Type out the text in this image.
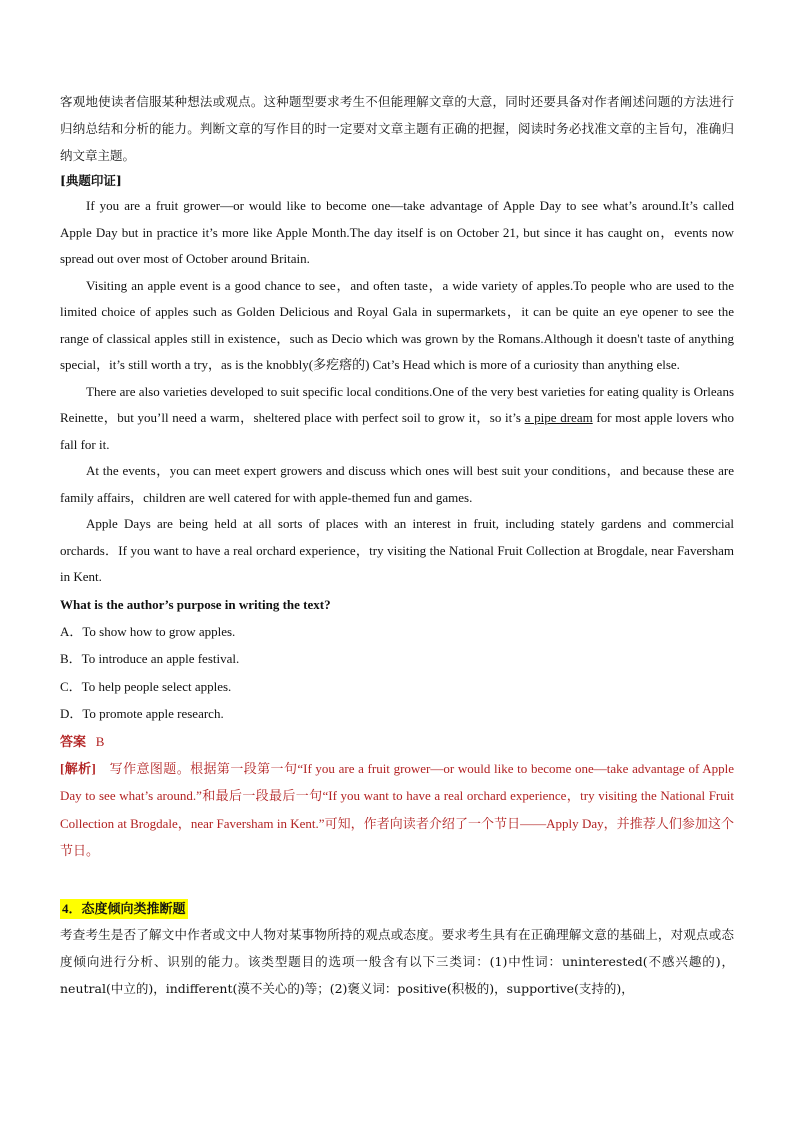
客观地使读者信服某种想法或观点。这种题型要求考生不但能理解文章的大意，同时还要具备对作者阐述问题的方法进行归纳总结和分析的能力。判断文章的写作目的时一定要对文章主题有正确的把握，阅读时务必找准文章的主旨句，准确归纳文章主题。

[典题印证]

If you are a fruit grower—or would like to become one—take advantage of Apple Day to see what’s around.It’s called Apple Day but in practice it’s more like Apple Month.The day itself is on October 21, but since it has caught on，events now spread out over most of October around Britain.

Visiting an apple event is a good chance to see，and often taste，a wide variety of apples.To people who are used to the limited choice of apples such as Golden Delicious and Royal Gala in supermarkets，it can be quite an eye opener to see the range of classical apples still in existence，such as Decio which was grown by the Romans.Although it doesn't taste of anything special，it’s still worth a try，as is the knobbly(多疙瘩的) Cat’s Head which is more of a curiosity than anything else.

There are also varieties developed to suit specific local conditions.One of the very best varieties for eating quality is Orleans Reinette，but you’ll need a warm，sheltered place with perfect soil to grow it，so it’s a pipe dream for most apple lovers who fall for it.

At the events，you can meet expert growers and discuss which ones will best suit your conditions，and because these are family affairs，children are well catered for with apple-themed fun and games.

Apple Days are being held at all sorts of places with an interest in fruit, including stately gardens and commercial orchards．If you want to have a real orchard experience，try visiting the National Fruit Collection at Brogdale, near Faversham in Kent.

What is the author’s purpose in writing the text?

A．To show how to grow apples.

B．To introduce an apple festival.

C．To help people select apples.

D．To promote apple research.

答案 B

[解析]　写作意图题。根据第一段第一句“If you are a fruit grower—or would like to become one—take advantage of Apple Day to see what’s around.”和最后一段最后一句“If you want to have a real orchard experience，try visiting the National Fruit Collection at Brogdale，near Faversham in Kent.”可知，作者向读者介绍了一个节日——Apply Day，并推荐人们参加这个节日。

4．态度倾向类推断题

考查考生是否了解文中作者或文中人物对某事物所持的观点或态度。要求考生具有在正确理解文意的基础上，对观点或态度倾向进行分析、识别的能力。该类型题目的选项一般含有以下三类词：(1)中性词：uninterested(不感兴趣的)，neutral(中立的)，indifferent(漠不关心的)等；(2)褒义词：positive(积极的)，supportive(支持的)，
